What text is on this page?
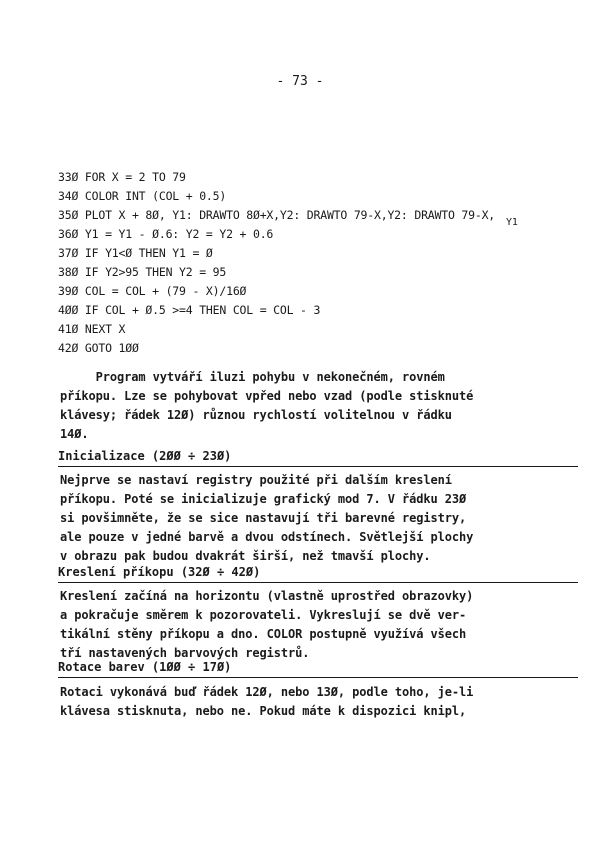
- 73 -
33Ø FOR X = 2 TO 79
34Ø COLOR INT (COL + 0.5)
35Ø PLOT X + 8Ø, Y1: DRAWTO 8Ø+X,Y2: DRAWTO 79-X,Y2: DRAWTO 79-X,
Y1
36Ø Y1 = Y1 - Ø.6: Y2 = Y2 + 0.6
37Ø IF Y1<Ø THEN Y1 = Ø
38Ø IF Y2>95 THEN Y2 = 95
39Ø COL = COL + (79 - X)/16Ø
4ØØ IF COL + Ø.5 >=4 THEN COL = COL - 3
41Ø NEXT X
42Ø GOTO 1ØØ
Program vytváří iluzi pohybu v nekonečném, rovném
příkopu. Lze se pohybovat vpřed nebo vzad (podle stisknuté
klávesy; řádek 12Ø) různou rychlostí volitelnou v řádku
14Ø.
Inicializace (2ØØ ÷ 23Ø)
Nejprve se nastaví registry použité při dalším kreslení
příkopu. Poté se inicializuje grafický mod 7. V řádku 23Ø
si povšimněte, že se sice nastavují tři barevné registry,
ale pouze v jedné barvě a dvou odstínech. Světlejší plochy
v obrazu pak budou dvakrát širší, než tmavší plochy.
Kreslení příkopu (32Ø ÷ 42Ø)
Kreslení začíná na horizontu (vlastně uprostřed obrazovky)
a pokračuje směrem k pozorovateli. Vykreslují se dvě ver-
tikální stěny příkopu a dno. COLOR postupně využívá všech
tří nastavených barvových registrů.
Rotace barev (1ØØ ÷ 17Ø)
Rotaci vykonává buď řádek 12Ø, nebo 13Ø, podle toho, je-li
klávesa stisknuta, nebo ne. Pokud máte k dispozici knipl,
